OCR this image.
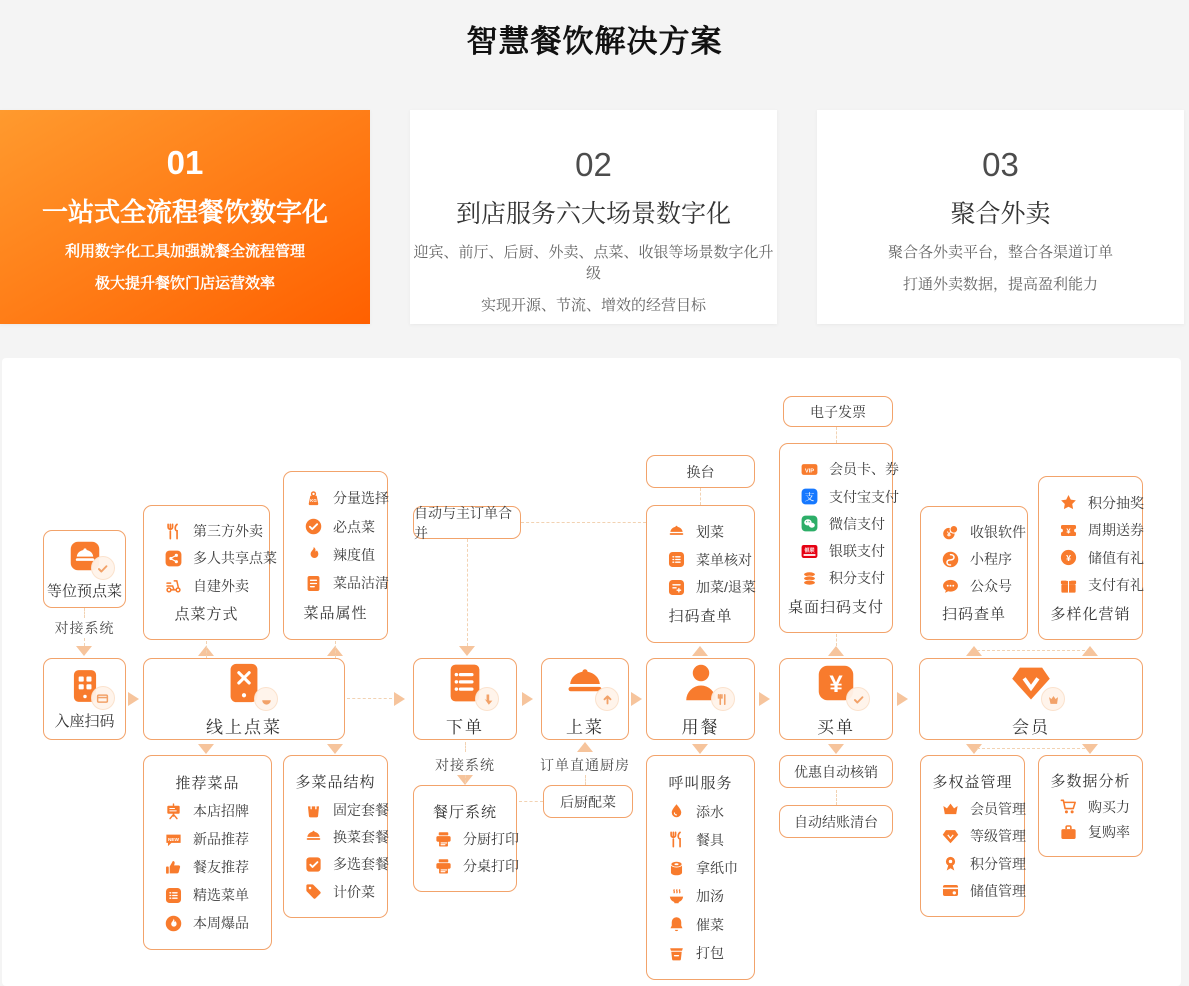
智慧餐饮解决方案
01
一站式全流程餐饮数字化
利用数字化工具加强就餐全流程管理
极大提升餐饮门店运营效率
02
到店服务六大场景数字化
迎宾、前厅、后厨、外卖、点菜、收银等场景数字化升级
实现开源、节流、增效的经营目标
03
聚合外卖
聚合各外卖平台，整合各渠道订单
打通外卖数据，提高盈利能力
等位预点菜
入座扫码	线上点菜	下单	上菜	用餐
¥
买单	会员
换台
电子发票
自动与主订单合并
后厨配菜
优惠自动核销
自动结账清台
第三方外卖
多人共享点菜
自建外卖
点菜方式
KG 分量选择
必点菜
辣度值
菜品沽清
菜品属性
划菜
菜单核对
加菜/退菜
扫码查单
VIP 会员卡、券
支 支付宝支付
微信支付
银联 银联支付
积分支付
桌面扫码支付
¥ 收银软件
小程序
公众号
扫码查单
积分抽奖
¥ 周期送券
¥ 储值有礼
支付有礼
多样化营销
推荐菜品
本店招牌
NEW 新品推荐
餐友推荐
精选菜单
本周爆品
多菜品结构
固定套餐
换菜套餐
多选套餐
计价菜
餐厅系统
分厨打印
分桌打印
呼叫服务
添水
餐具
拿纸巾
加汤
催菜
打包
多权益管理
会员管理
等级管理
积分管理
储值管理
多数据分析
购买力
复购率
对接系统
对接系统	订单直通厨房
